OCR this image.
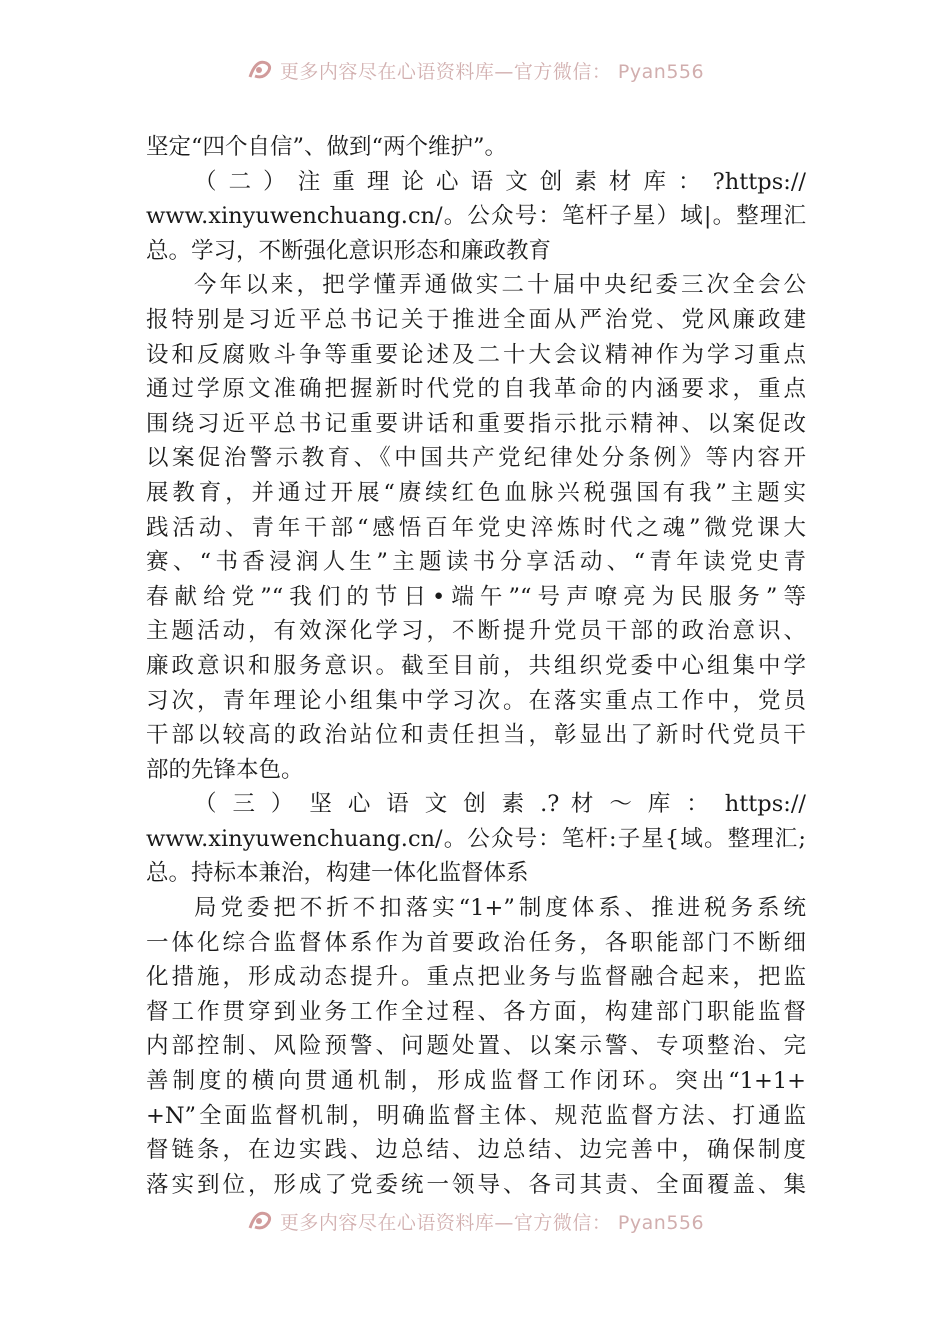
更多内容尽在心语资料库—官方微信： Pyan556
坚定“四个自信”、做到“两个维护”。
（ 二 ） 注 重 理 论 心 语 文 创 素 材 库 ： ?https://
www.xinyuwenchuang.cn/。公众号：笔杆子星）域|。整理汇
总。学习，不断强化意识形态和廉政教育
今年以来，把学懂弄通做实二十届中央纪委三次全会公
报特别是习近平总书记关于推进全面从严治党、党风廉政建
设和反腐败斗争等重要论述及二十大会议精神作为学习重点
通过学原文准确把握新时代党的自我革命的内涵要求，重点
围绕习近平总书记重要讲话和重要指示批示精神、以案促改
以案促治警示教育、《中国共产党纪律处分条例》等内容开
展教育，并通过开展“赓续红色血脉兴税强国有我”主题实
践活动、青年干部“感悟百年党史淬炼时代之魂”微党课大
赛、“书香浸润人生”主题读书分享活动、“青年读党史青
春献给党”“我们的节日•端午”“号声嘹亮为民服务”等
主题活动，有效深化学习，不断提升党员干部的政治意识、
廉政意识和服务意识。截至目前，共组织党委中心组集中学
习次，青年理论小组集中学习次。在落实重点工作中，党员
干部以较高的政治站位和责任担当，彰显出了新时代党员干
部的先锋本色。
（ 三 ） 坚 心 语 文 创 素 .? 材 ～ 库 ： https://
www.xinyuwenchuang.cn/。公众号：笔杆:子星{域。整理汇;
总。持标本兼治，构建一体化监督体系
局党委把不折不扣落实“1+”制度体系、推进税务系统
一体化综合监督体系作为首要政治任务，各职能部门不断细
化措施，形成动态提升。重点把业务与监督融合起来，把监
督工作贯穿到业务工作全过程、各方面，构建部门职能监督
内部控制、风险预警、问题处置、以案示警、专项整治、完
善制度的横向贯通机制，形成监督工作闭环。突出“1+1+
+N”全面监督机制，明确监督主体、规范监督方法、打通监
督链条，在边实践、边总结、边总结、边完善中，确保制度
落实到位，形成了党委统一领导、各司其责、全面覆盖、集
更多内容尽在心语资料库—官方微信： Pyan556
